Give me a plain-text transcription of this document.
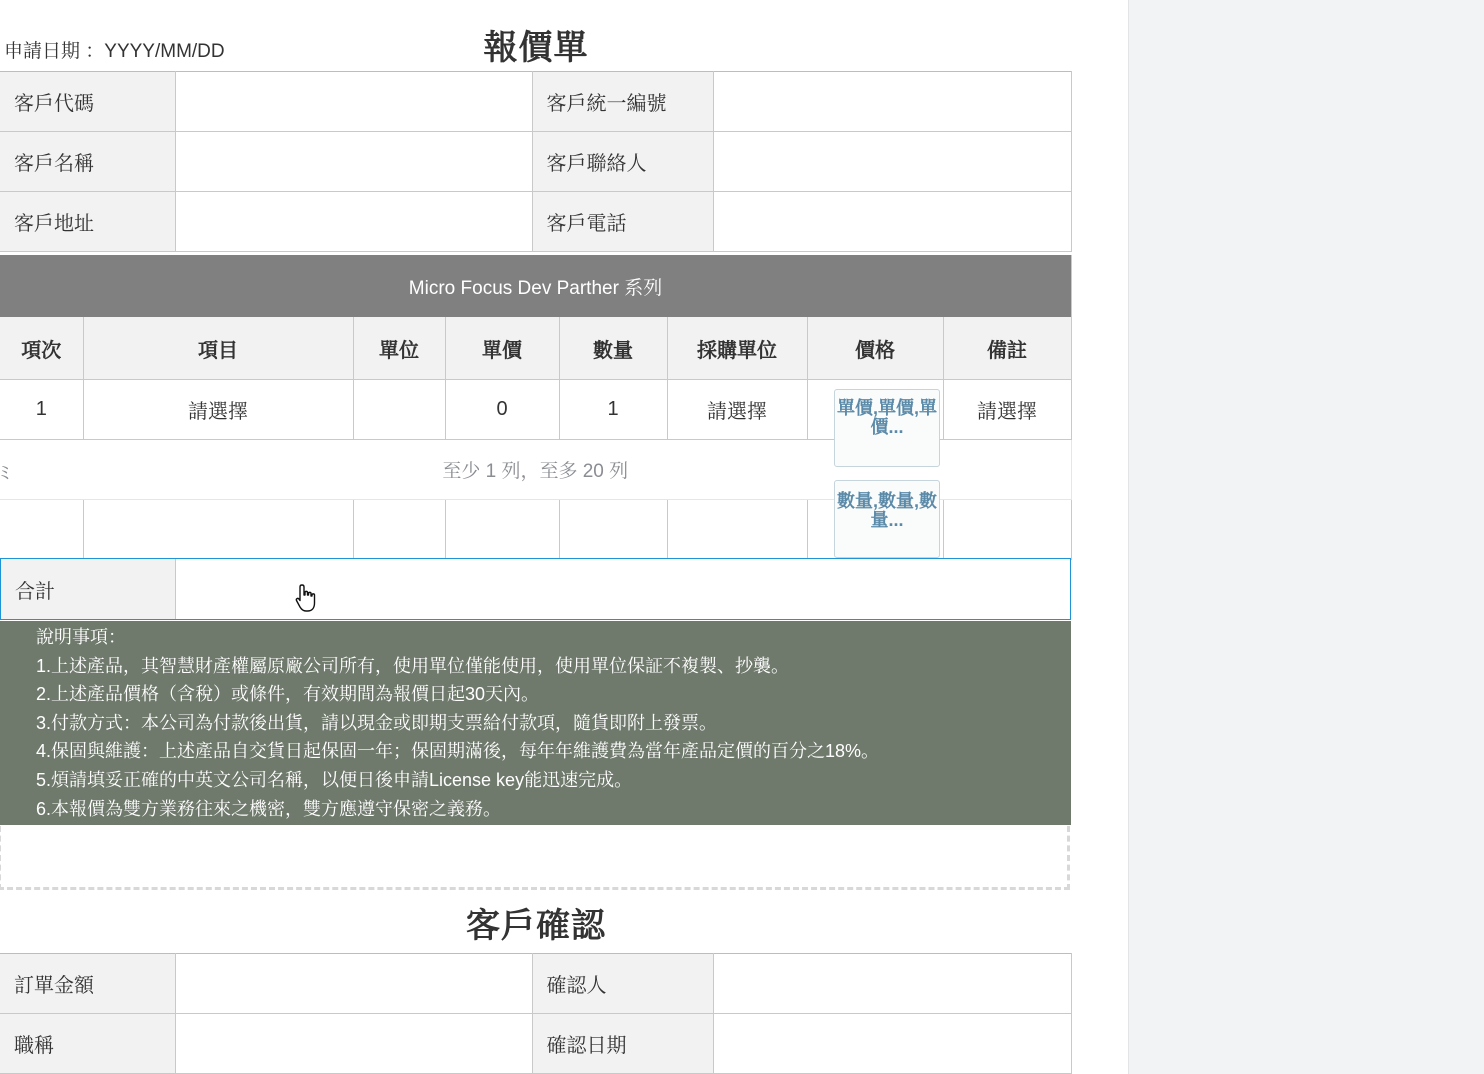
申請日期 ：YYYY/MM/DD	報價單
客戶代碼		客戶統一編號	
客戶名稱		客戶聯絡人	
客戶地址		客戶電話	
Micro Focus Dev Parther 系列
項次	項目	單位	單價	數量	採購單位	價格	備註
1	請選擇		0	1	請選擇		請選擇

ﾐ 至少 1 列，至多 20 列							

單價,單價,單價...
數量,數量,數量...
合計
說明事項：
1.上述產品，其智慧財產權屬原廠公司所有，使用單位僅能使用，使用單位保証不複製、抄襲。
2.上述產品價格（含稅）或條件，有效期間為報價日起30天內。
3.付款方式：本公司為付款後出貨，請以現金或即期支票給付款項，隨貨即附上發票。
4.保固與維護：上述產品自交貨日起保固一年；保固期滿後，每年年維護費為當年產品定價的百分之18%。
5.煩請填妥正確的中英文公司名稱，以便日後申請License key能迅速完成。
6.本報價為雙方業務往來之機密，雙方應遵守保密之義務。
客戶確認
訂單金額		確認人	
職稱		確認日期	
